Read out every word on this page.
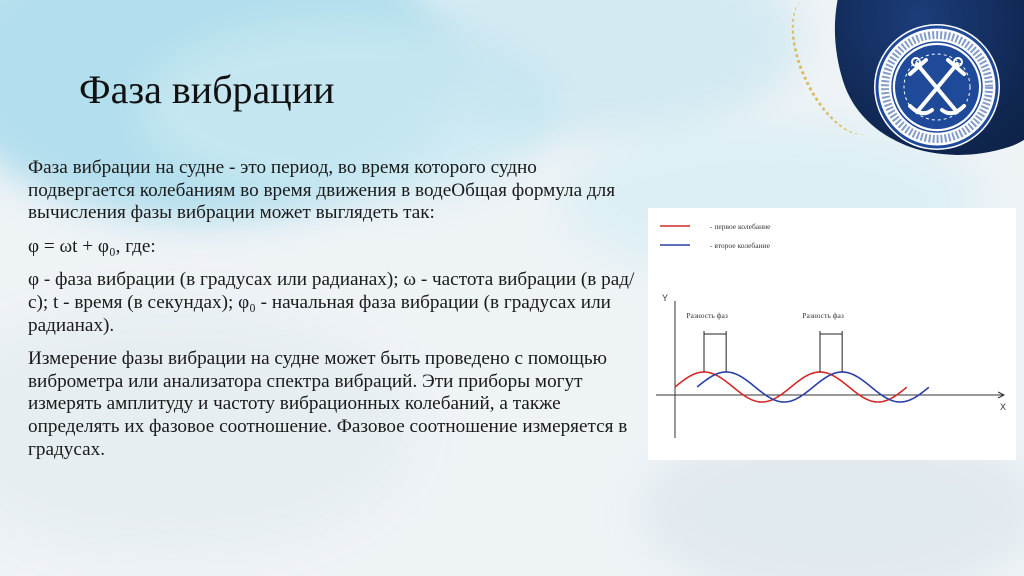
Фаза вибрации

Фаза вибрации на судне - это период, во время которого судно подвергается колебаниям во время движения в водеОбщая формула для вычисления фазы вибрации может выглядеть так:

φ = ωt + φ₀, где:

φ - фаза вибрации (в градусах или радианах); ω - частота вибрации (в рад/с); t - время (в секундах); φ₀ - начальная фаза вибрации (в градусах или радианах).

Измерение фазы вибрации на судне может быть проведено с помощью виброметра или анализатора спектра вибраций. Эти приборы могут измерять амплитуду и частоту вибрационных колебаний, а также определять их фазовое соотношение. Фазовое соотношение измеряется в градусах.

- первое колебание
- второе колебание
Y
X
Разность фаз	Разность фаз
